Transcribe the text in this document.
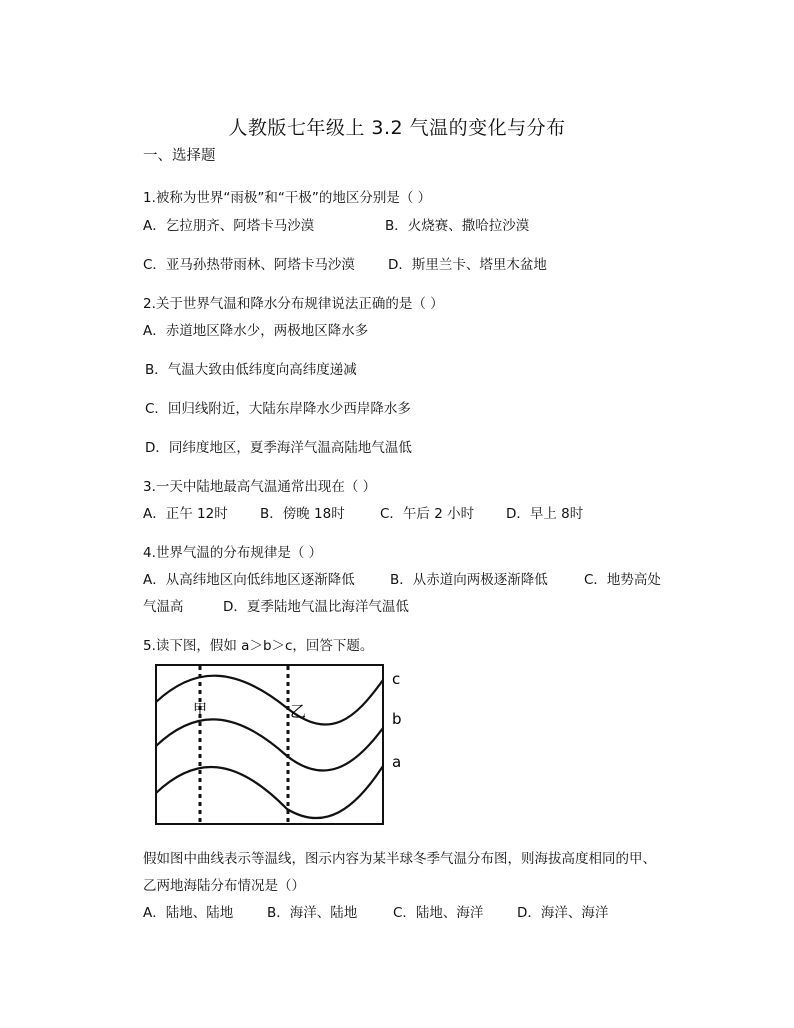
人教版七年级上 3.2 气温的变化与分布
一、选择题
1.被称为世界“雨极”和“干极”的地区分别是（ ）
A．乞拉朋齐、阿塔卡马沙漠	B．火烧赛、撒哈拉沙漠
C．亚马孙热带雨林、阿塔卡马沙漠 D．斯里兰卡、塔里木盆地
2.关于世界气温和降水分布规律说法正确的是（ ）
A．赤道地区降水少，两极地区降水多
B．气温大致由低纬度向高纬度递减
C．回归线附近，大陆东岸降水少西岸降水多
D．同纬度地区，夏季海洋气温高陆地气温低
3.一天中陆地最高气温通常出现在（ ）
A．正午 12时 B．傍晚 18时	C．午后 2 小时 D．早上 8时
4.世界气温的分布规律是（ ）
A．从高纬地区向低纬地区逐渐降低	B．从赤道向两极逐渐降低	C．地势高处
气温高	D．夏季陆地气温比海洋气温低
5.读下图，假如 a＞b＞c，回答下题。
甲	乙
c
b
a
假如图中曲线表示等温线，图示内容为某半球冬季气温分布图，则海拔高度相同的甲、
乙两地海陆分布情况是（）
A．陆地、陆地	B．海洋、陆地	C．陆地、海洋 D．海洋、海洋
